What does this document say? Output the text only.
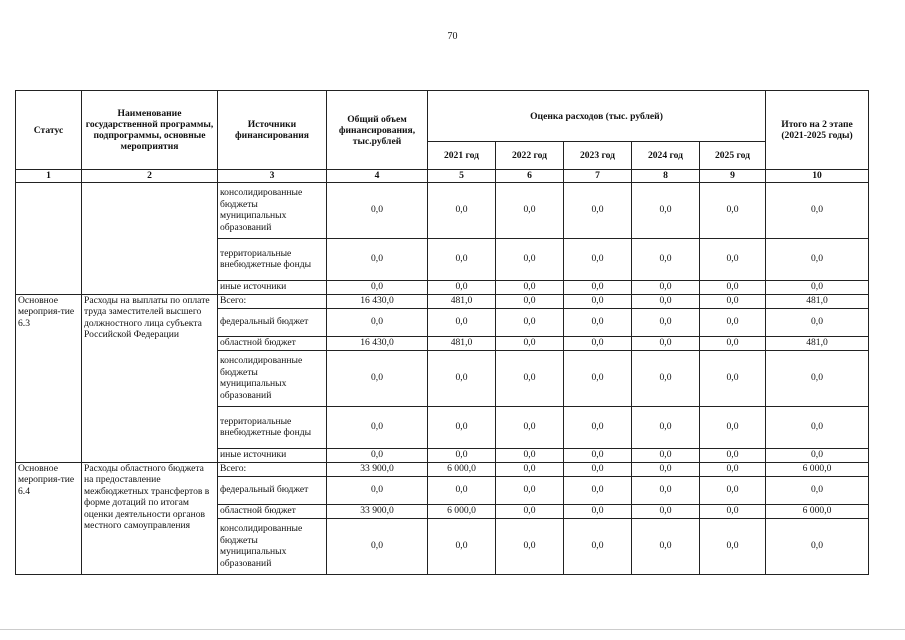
70
Статус	Наименование государственной программы, подпрограммы, основные мероприятия	Источники финансирования	Общий объем финансирования, тыс.рублей	Оценка расходов (тыс. рублей)					Итого на 2 этапе (2021-2025 годы)
				2021 год	2022 год	2023 год	2024 год	2025 год	
1	2	3	4	5	6	7	8	9	10
		консолидированные бюджеты муниципальных образований	0,0	0,0	0,0	0,0	0,0	0,0	0,0
		территориальные внебюджетные фонды	0,0	0,0	0,0	0,0	0,0	0,0	0,0
		иные источники	0,0	0,0	0,0	0,0	0,0	0,0	0,0
Основное мероприя-тие 6.3	Расходы на выплаты по оплате труда заместителей высшего должностного лица субъекта Российской Федерации	Всего:	16 430,0	481,0	0,0	0,0	0,0	0,0	481,0
		федеральный бюджет	0,0	0,0	0,0	0,0	0,0	0,0	0,0
		областной бюджет	16 430,0	481,0	0,0	0,0	0,0	0,0	481,0
		консолидированные бюджеты муниципальных образований	0,0	0,0	0,0	0,0	0,0	0,0	0,0
		территориальные внебюджетные фонды	0,0	0,0	0,0	0,0	0,0	0,0	0,0
		иные источники	0,0	0,0	0,0	0,0	0,0	0,0	0,0
Основное мероприя-тие 6.4	Расходы областного бюджета на предоставление межбюджетных трансфертов в форме дотаций по итогам оценки деятельности органов местного самоуправления	Всего:	33 900,0	6 000,0	0,0	0,0	0,0	0,0	6 000,0
		федеральный бюджет	0,0	0,0	0,0	0,0	0,0	0,0	0,0
		областной бюджет	33 900,0	6 000,0	0,0	0,0	0,0	0,0	6 000,0
		консолидированные бюджеты муниципальных образований	0,0	0,0	0,0	0,0	0,0	0,0	0,0
